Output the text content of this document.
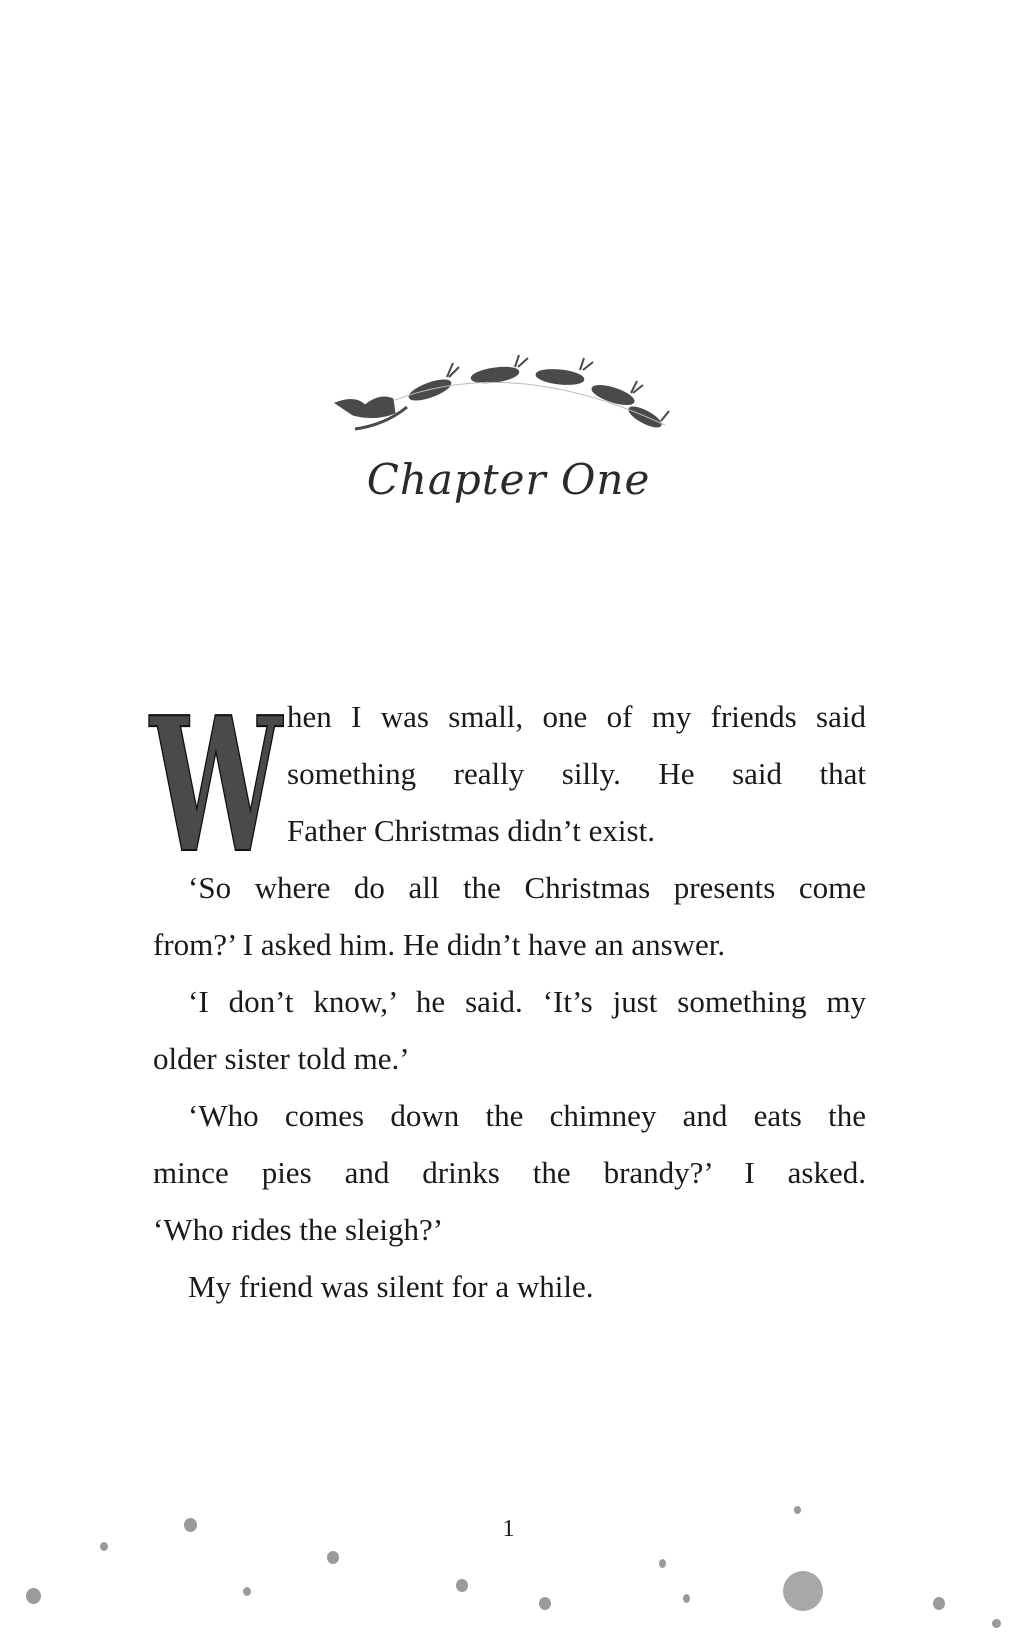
Chapter One
W hen I was small, one of my friends said
something really silly. He said that
Father Christmas didn’t exist.
‘So where do all the Christmas presents come
from?’ I asked him. He didn’t have an answer.
‘I don’t know,’ he said. ‘It’s just something my
older sister told me.’
‘Who comes down the chimney and eats the
mince pies and drinks the brandy?’ I asked.
‘Who rides the sleigh?’
My friend was silent for a while.
1
